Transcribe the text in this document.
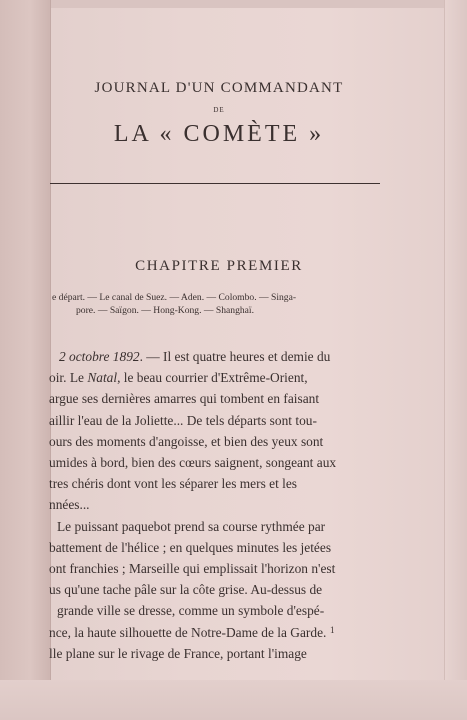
JOURNAL D'UN COMMANDANT
DE
LA « COMÈTE »
CHAPITRE PREMIER
e départ. — Le canal de Suez. — Aden. — Colombo. — Singa-
pore. — Saïgon. — Hong-Kong. — Shanghaï.
2 octobre 1892. — Il est quatre heures et demie du
oir. Le Natal, le beau courrier d'Extrême-Orient,
argue ses dernières amarres qui tombent en faisant
aillir l'eau de la Joliette... De tels départs sont tou-
ours des moments d'angoisse, et bien des yeux sont
umides à bord, bien des cœurs saignent, songeant aux
tres chéris dont vont les séparer les mers et les
nnées...
Le puissant paquebot prend sa course rythmée par
battement de l'hélice ; en quelques minutes les jetées
ont franchies ; Marseille qui emplissait l'horizon n'est
us qu'une tache pâle sur la côte grise. Au-dessus de
grande ville se dresse, comme un symbole d'espé-
nce, la haute silhouette de Notre-Dame de la Garde.
lle plane sur le rivage de France, portant l'image
1
